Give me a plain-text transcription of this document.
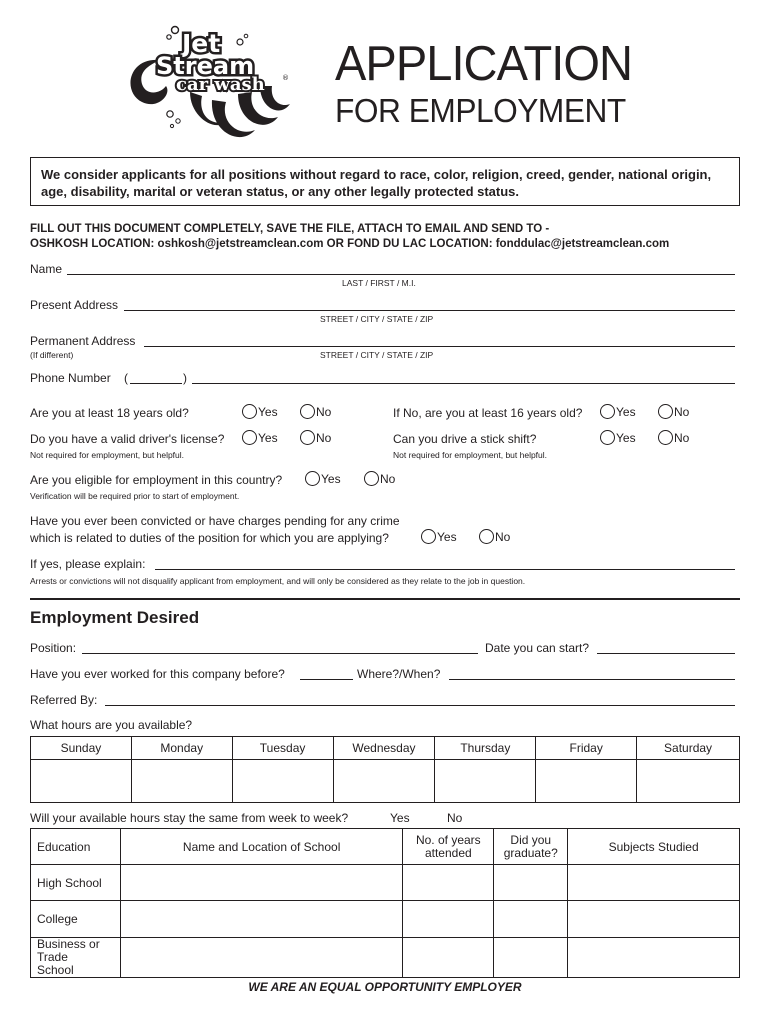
Jet
Stream
car wash ® APPLICATION
FOR EMPLOYMENT
We consider applicants for all positions without regard to race, color, religion, creed, gender, national origin, age, disability, marital or veteran status, or any other legally protected status.
FILL OUT THIS DOCUMENT COMPLETELY, SAVE THE FILE, ATTACH TO EMAIL AND SEND TO -
OSHKOSH LOCATION: oshkosh@jetstreamclean.com OR FOND DU LAC LOCATION: fonddulac@jetstreamclean.com
Name
LAST / FIRST / M.I.
Present Address
STREET / CITY / STATE / ZIP
Permanent Address
(If different)	STREET / CITY / STATE / ZIP
Phone Number (	)
Are you at least 18 years old?	Yes	No	If No, are you at least 16 years old?	Yes	No
Do you have a valid driver's license?	Yes	No
Not required for employment, but helpful.
Can you drive a stick shift?	Yes	No
Not required for employment, but helpful.
Are you eligible for employment in this country?	Yes	No
Verification will be required prior to start of employment.
Have you ever been convicted or have charges pending for any crime
which is related to duties of the position for which you are applying?	Yes	No
If yes, please explain:
Arrests or convictions will not disqualify applicant from employment, and will only be considered as they relate to the job in question.
Employment Desired
Position:	Date you can start?
Have you ever worked for this company before?	Where?/When?
Referred By:
What hours are you available?
Sunday	Monday	Tuesday	Wednesday	Thursday	Friday	Saturday

Will your available hours stay the same from week to week?	Yes	No
Education	Name and Location of School	No. of years attended	Did you graduate?	Subjects Studied
High School				
College				
Business or Trade School				
WE ARE AN EQUAL OPPORTUNITY EMPLOYER
